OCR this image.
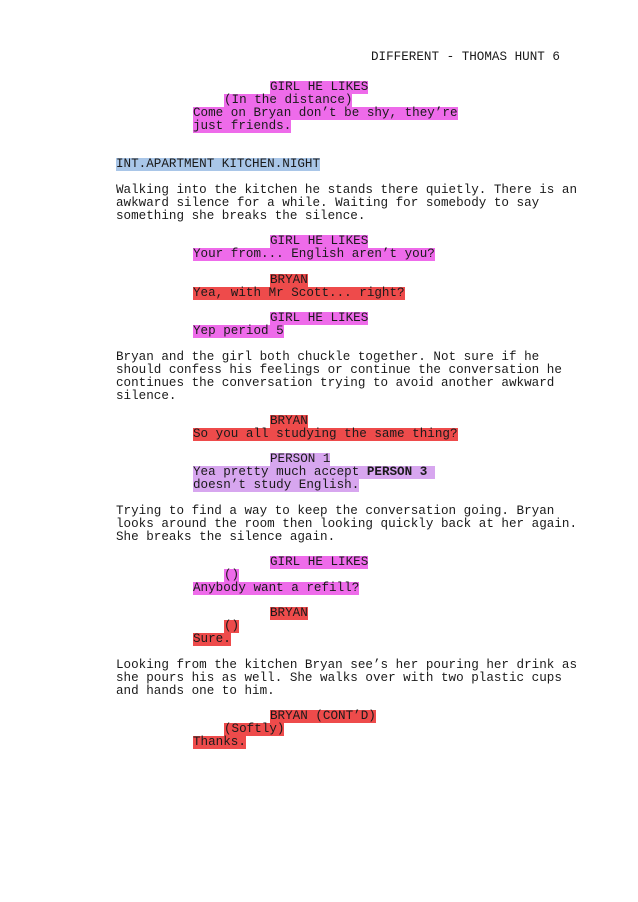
DIFFERENT - THOMAS HUNT 6
GIRL HE LIKES
(In the distance)
Come on Bryan don’t be shy, they’re
just friends.
INT.APARTMENT KITCHEN.NIGHT
Walking into the kitchen he stands there quietly. There is an
awkward silence for a while. Waiting for somebody to say
something she breaks the silence.
GIRL HE LIKES
Your from... English aren’t you?
BRYAN
Yea, with Mr Scott... right?
GIRL HE LIKES
Yep period 5
Bryan and the girl both chuckle together. Not sure if he
should confess his feelings or continue the conversation he
continues the conversation trying to avoid another awkward
silence.
BRYAN
So you all studying the same thing?
PERSON 1
Yea pretty much accept PERSON 3
doesn’t study English.
Trying to find a way to keep the conversation going. Bryan
looks around the room then looking quickly back at her again.
She breaks the silence again.
GIRL HE LIKES
()
Anybody want a refill?
BRYAN
()
Sure.
Looking from the kitchen Bryan see’s her pouring her drink as
she pours his as well. She walks over with two plastic cups
and hands one to him.
BRYAN (CONT’D)
(Softly)
Thanks.
